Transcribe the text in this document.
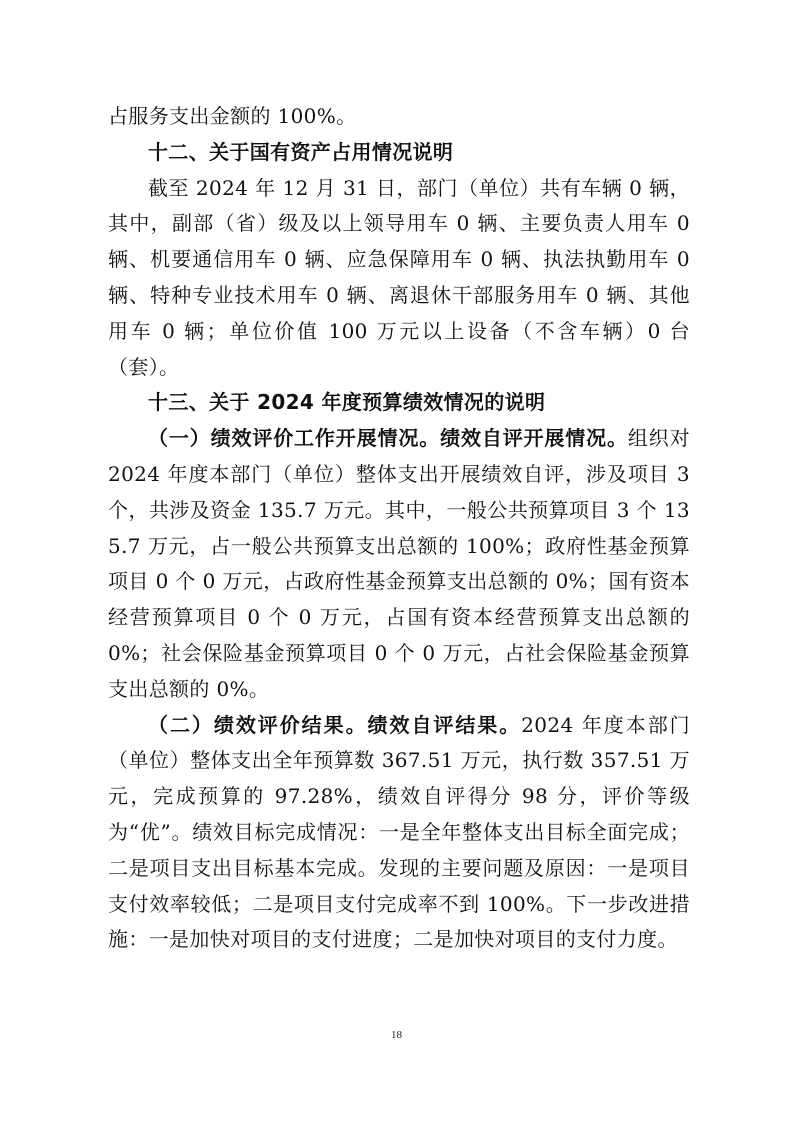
占服务支出金额的 100%。

十二、关于国有资产占用情况说明

截至 2024 年 12 月 31 日，部门（单位）共有车辆 0 辆，其中，副部（省）级及以上领导用车 0 辆、主要负责人用车 0 辆、机要通信用车 0 辆、应急保障用车 0 辆、执法执勤用车 0 辆、特种专业技术用车 0 辆、离退休干部服务用车 0 辆、其他用车 0 辆；单位价值 100 万元以上设备（不含车辆）0 台（套）。

十三、关于 2024 年度预算绩效情况的说明

（一）绩效评价工作开展情况。绩效自评开展情况。组织对 2024 年度本部门（单位）整体支出开展绩效自评，涉及项目 3 个，共涉及资金 135.7 万元。其中，一般公共预算项目 3 个 135.7 万元，占一般公共预算支出总额的 100%；政府性基金预算项目 0 个 0 万元，占政府性基金预算支出总额的 0%；国有资本经营预算项目 0 个 0 万元，占国有资本经营预算支出总额的 0%；社会保险基金预算项目 0 个 0 万元，占社会保险基金预算支出总额的 0%。

（二）绩效评价结果。绩效自评结果。2024 年度本部门（单位）整体支出全年预算数 367.51 万元，执行数 357.51 万元，完成预算的 97.28%，绩效自评得分 98 分，评价等级为“优”。绩效目标完成情况：一是全年整体支出目标全面完成；二是项目支出目标基本完成。发现的主要问题及原因：一是项目支付效率较低；二是项目支付完成率不到 100%。下一步改进措施：一是加快对项目的支付进度；二是加快对项目的支付力度。

18
